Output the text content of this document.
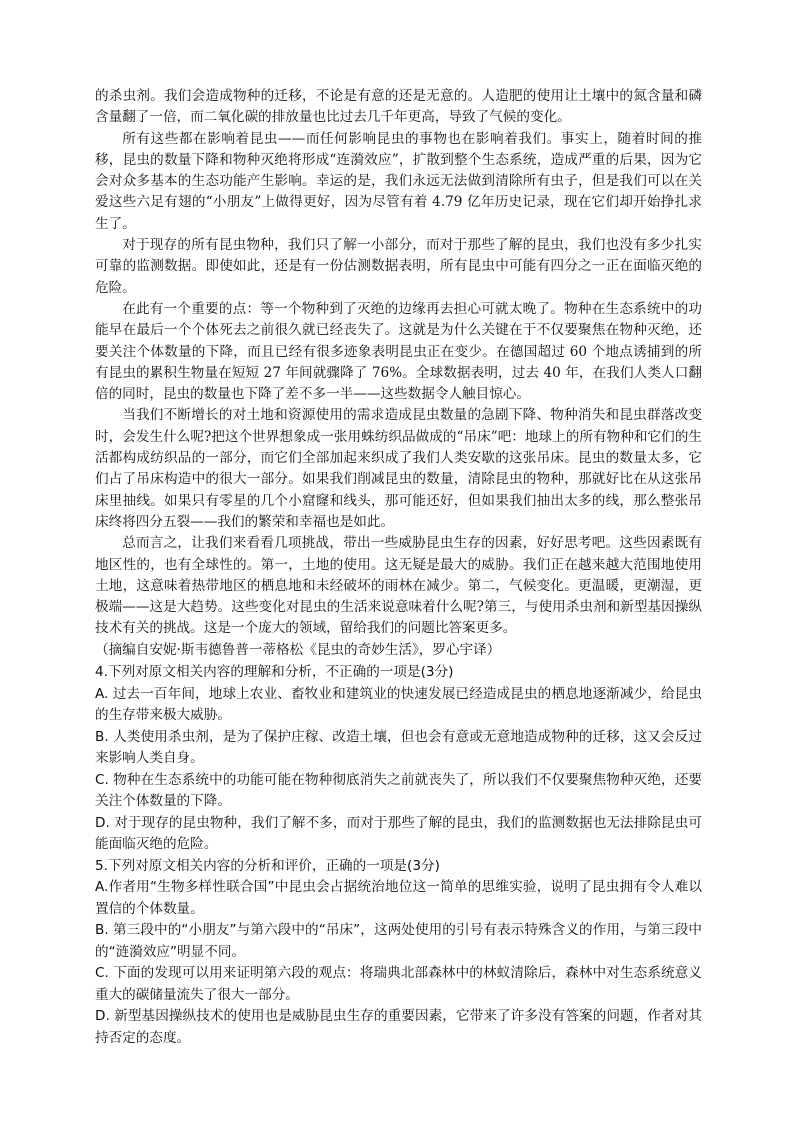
的杀虫剂。我们会造成物种的迁移，不论是有意的还是无意的。人造肥的使用让土壤中的氮含量和磷含量翻了一倍，而二氧化碳的排放量也比过去几千年更高，导致了气候的变化。

所有这些都在影响着昆虫——而任何影响昆虫的事物也在影响着我们。事实上，随着时间的推移，昆虫的数量下降和物种灭绝将形成“连漪效应”，扩散到整个生态系统，造成严重的后果，因为它会对众多基本的生态功能产生影响。幸运的是，我们永远无法做到清除所有虫子，但是我们可以在关爱这些六足有翅的“小朋友”上做得更好，因为尽管有着 4.79 亿年历史记录，现在它们却开始挣扎求生了。

对于现存的所有昆虫物种，我们只了解一小部分，而对于那些了解的昆虫，我们也没有多少扎实可靠的监测数据。即使如此，还是有一份估测数据表明，所有昆虫中可能有四分之一正在面临灭绝的危险。

在此有一个重要的点：等一个物种到了灭绝的边缘再去担心可就太晚了。物种在生态系统中的功能早在最后一个个体死去之前很久就已经丧失了。这就是为什么关键在于不仅要聚焦在物种灭绝，还要关注个体数量的下降，而且已经有很多迹象表明昆虫正在变少。在德国超过 60 个地点诱捕到的所有昆虫的累积生物量在短短 27 年间就骤降了 76%。全球数据表明，过去 40 年，在我们人类人口翻倍的同时，昆虫的数量也下降了差不多一半——这些数据令人触目惊心。

当我们不断增长的对土地和资源使用的需求造成昆虫数量的急剧下降、物种消失和昆虫群落改变时，会发生什么呢?把这个世界想象成一张用蛛纺织品做成的“吊床”吧：地球上的所有物种和它们的生活都构成纺织品的一部分，而它们全部加起来织成了我们人类安歇的这张吊床。昆虫的数量太多，它们占了吊床构造中的很大一部分。如果我们削减昆虫的数量，清除昆虫的物种，那就好比在从这张吊床里抽线。如果只有零星的几个小窟窿和线头，那可能还好，但如果我们抽出太多的线，那么整张吊床终将四分五裂——我们的繁荣和幸福也是如此。

总而言之，让我们来看看几项挑战，带出一些威胁昆虫生存的因素，好好思考吧。这些因素既有地区性的，也有全球性的。第一，土地的使用。这无疑是最大的威胁。我们正在越来越大范围地使用土地，这意味着热带地区的栖息地和未经破坏的雨林在减少。第二，气候变化。更温暖，更潮湿，更极端——这是大趋势。这些变化对昆虫的生活来说意味着什么呢?第三，与使用杀虫剂和新型基因操纵技术有关的挑战。这是一个庞大的领域，留给我们的问题比答案更多。

（摘编自安妮·斯韦德鲁普一蒂格松《昆虫的奇妙生活》，罗心宇译）

4.下列对原文相关内容的理解和分析，不正确的一项是(3分)

A. 过去一百年间，地球上农业、畜牧业和建筑业的快速发展已经造成昆虫的栖息地逐渐减少，给昆虫的生存带来极大威胁。

B. 人类使用杀虫剂，是为了保护庄稼、改造土壤，但也会有意或无意地造成物种的迁移，这又会反过来影响人类自身。

C. 物种在生态系统中的功能可能在物种彻底消失之前就丧失了，所以我们不仅要聚焦物种灭绝，还要关注个体数量的下降。

D. 对于现存的昆虫物种，我们了解不多，而对于那些了解的昆虫，我们的监测数据也无法排除昆虫可能面临灭绝的危险。

5.下列对原文相关内容的分析和评价，正确的一项是(3分)

A.作者用“生物多样性联合国”中昆虫会占据统治地位这一简单的思维实验，说明了昆虫拥有令人难以置信的个体数量。

B. 第三段中的“小朋友”与第六段中的“吊床”，这两处使用的引号有表示特殊含义的作用，与第三段中的“涟漪效应”明显不同。

C. 下面的发现可以用来证明第六段的观点：将瑞典北部森林中的林蚁清除后，森林中对生态系统意义重大的碳储量流失了很大一部分。

D. 新型基因操纵技术的使用也是威胁昆虫生存的重要因素，它带来了许多没有答案的问题，作者对其持否定的态度。
